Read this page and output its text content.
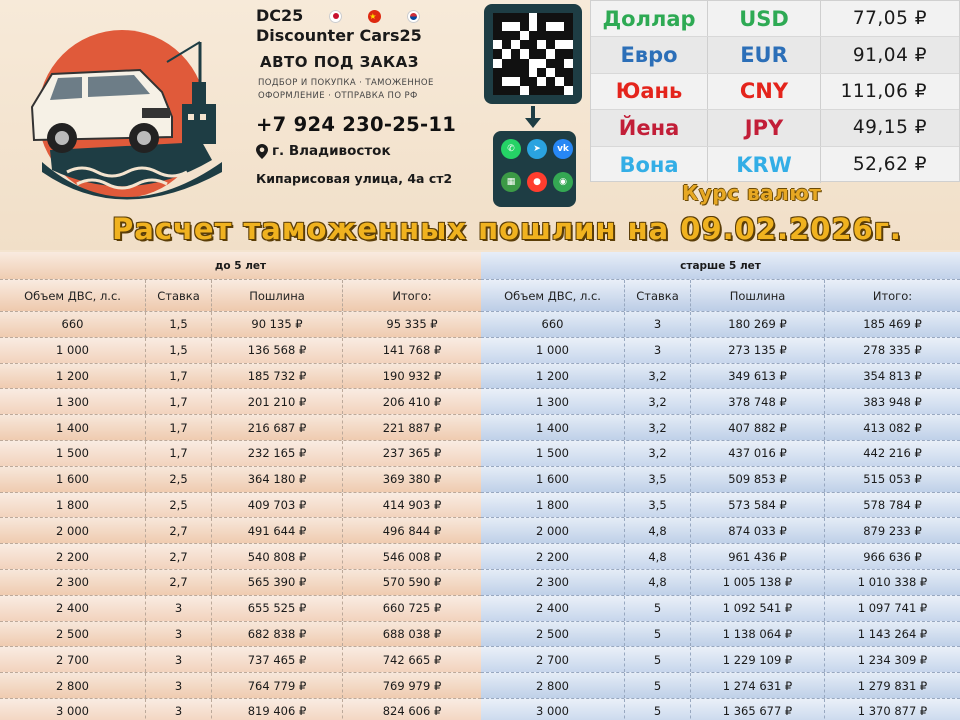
DC25
★
Discounter Cars25
АВТО ПОД ЗАКАЗ
ПОДБОР И ПОКУПКА · ТАМОЖЕННОЕ
ОФОРМЛЕНИЕ · ОТПРАВКА ПО РФ
+7 924 230-25-11
г. Владивосток
Кипарисовая улица, 4а ст2
✆	➤	vk
▦	●	◉
Доллар	USD	77,05 ₽
Евро	EUR	91,04 ₽
Юань	CNY	111,06 ₽
Йена	JPY	49,15 ₽
Вона	KRW	52,62 ₽
Курс валют
Расчет таможенных пошлин на 09.02.2026г.
до 5 лет
Объем ДВС, л.с.	Ставка	Пошлина	Итого:
660	1,5	90 135 ₽	95 335 ₽
1 000	1,5	136 568 ₽	141 768 ₽
1 200	1,7	185 732 ₽	190 932 ₽
1 300	1,7	201 210 ₽	206 410 ₽
1 400	1,7	216 687 ₽	221 887 ₽
1 500	1,7	232 165 ₽	237 365 ₽
1 600	2,5	364 180 ₽	369 380 ₽
1 800	2,5	409 703 ₽	414 903 ₽
2 000	2,7	491 644 ₽	496 844 ₽
2 200	2,7	540 808 ₽	546 008 ₽
2 300	2,7	565 390 ₽	570 590 ₽
2 400	3	655 525 ₽	660 725 ₽
2 500	3	682 838 ₽	688 038 ₽
2 700	3	737 465 ₽	742 665 ₽
2 800	3	764 779 ₽	769 979 ₽
3 000	3	819 406 ₽	824 606 ₽
старше 5 лет
Объем ДВС, л.с.	Ставка	Пошлина	Итого:
660	3	180 269 ₽	185 469 ₽
1 000	3	273 135 ₽	278 335 ₽
1 200	3,2	349 613 ₽	354 813 ₽
1 300	3,2	378 748 ₽	383 948 ₽
1 400	3,2	407 882 ₽	413 082 ₽
1 500	3,2	437 016 ₽	442 216 ₽
1 600	3,5	509 853 ₽	515 053 ₽
1 800	3,5	573 584 ₽	578 784 ₽
2 000	4,8	874 033 ₽	879 233 ₽
2 200	4,8	961 436 ₽	966 636 ₽
2 300	4,8	1 005 138 ₽	1 010 338 ₽
2 400	5	1 092 541 ₽	1 097 741 ₽
2 500	5	1 138 064 ₽	1 143 264 ₽
2 700	5	1 229 109 ₽	1 234 309 ₽
2 800	5	1 274 631 ₽	1 279 831 ₽
3 000	5	1 365 677 ₽	1 370 877 ₽
